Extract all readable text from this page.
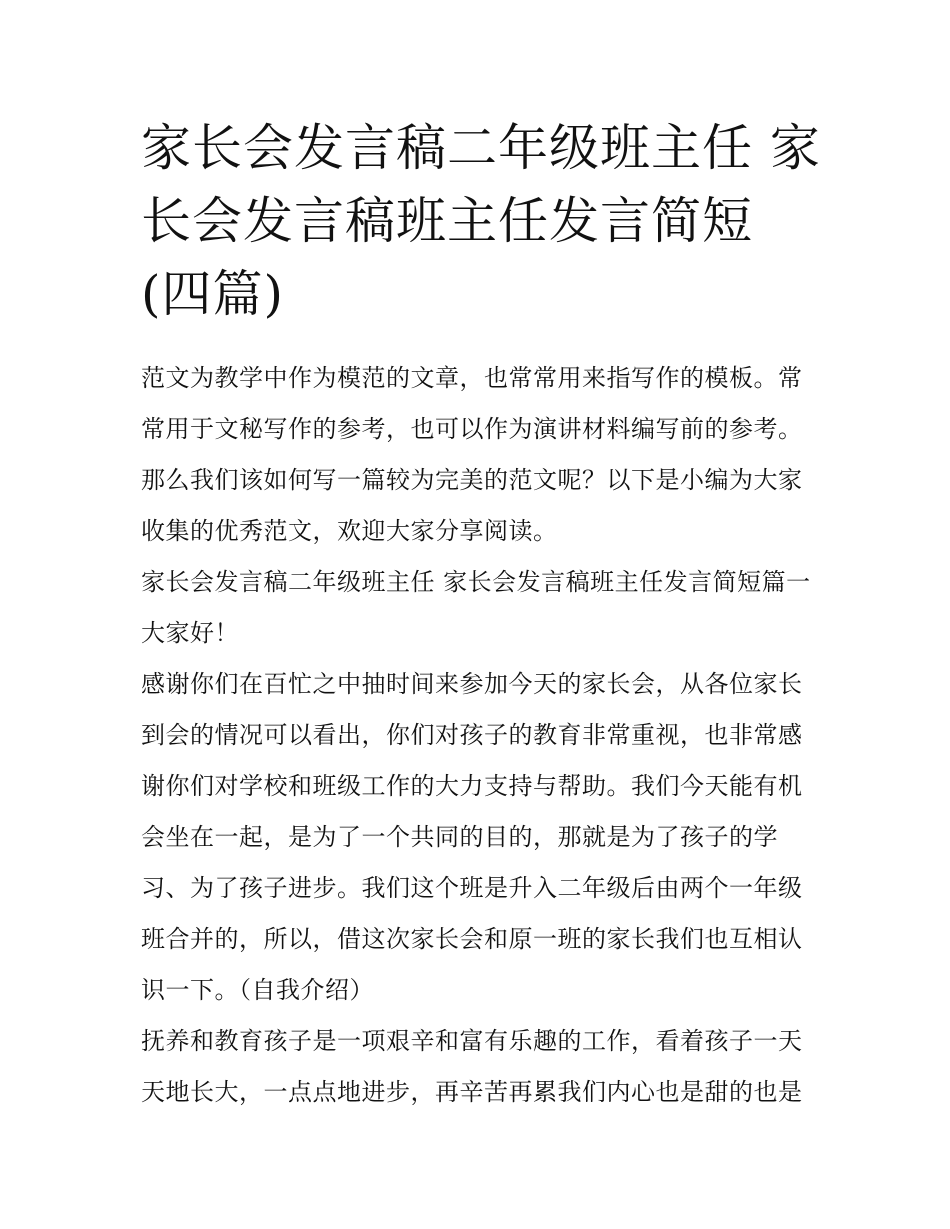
家长会发言稿二年级班主任 家长会发言稿班主任发言简短(四篇)

范文为教学中作为模范的文章，也常常用来指写作的模板。常常用于文秘写作的参考，也可以作为演讲材料编写前的参考。那么我们该如何写一篇较为完美的范文呢？以下是小编为大家收集的优秀范文，欢迎大家分享阅读。

家长会发言稿二年级班主任 家长会发言稿班主任发言简短篇一 大家好！

感谢你们在百忙之中抽时间来参加今天的家长会，从各位家长到会的情况可以看出，你们对孩子的教育非常重视，也非常感谢你们对学校和班级工作的大力支持与帮助。我们今天能有机会坐在一起，是为了一个共同的目的，那就是为了孩子的学习、为了孩子进步。我们这个班是升入二年级后由两个一年级班合并的，所以，借这次家长会和原一班的家长我们也互相认识一下。（自我介绍）

抚养和教育孩子是一项艰辛和富有乐趣的工作，看着孩子一天天地长大，一点点地进步，再辛苦再累我们内心也是甜的也是
